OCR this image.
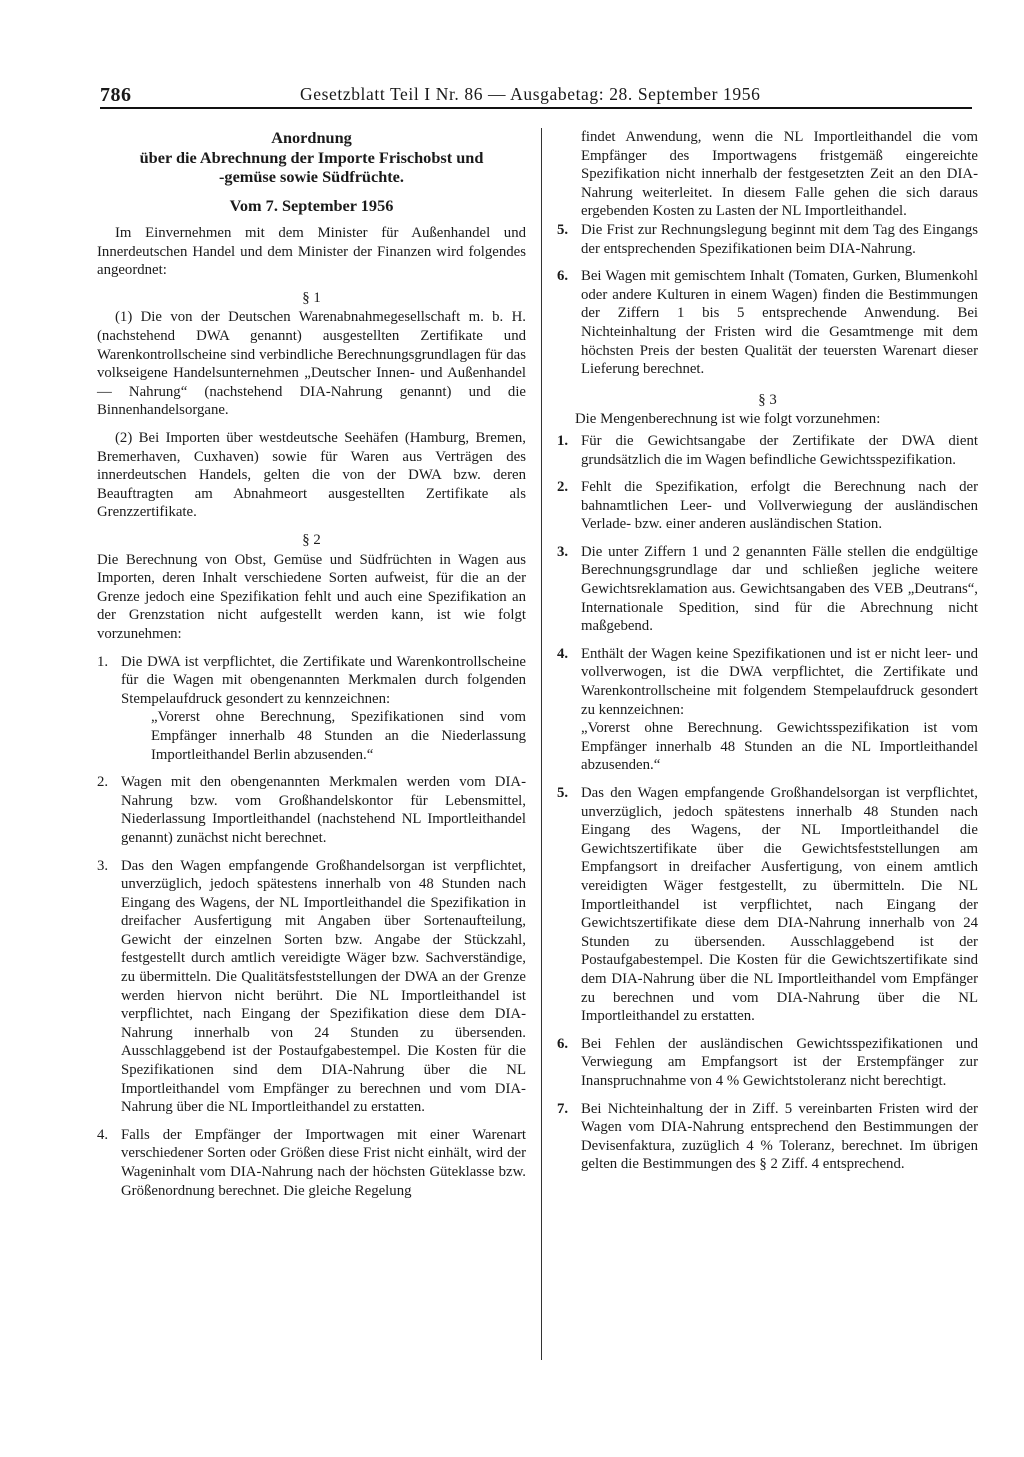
786	Gesetzblatt Teil I Nr. 86 — Ausgabetag: 28. September 1956

Anordnung

über die Abrechnung der Importe Frischobst und

-gemüse sowie Südfrüchte.

Vom 7. September 1956

Im Einvernehmen mit dem Minister für Außenhandel und Innerdeutschen Handel und dem Minister der Finanzen wird folgendes angeordnet:

§ 1

(1) Die von der Deutschen Warenabnahmegesellschaft m. b. H. (nachstehend DWA genannt) ausgestellten Zertifikate und Warenkontrollscheine sind verbindliche Berechnungsgrundlagen für das volkseigene Handelsunternehmen „Deutscher Innen- und Außenhandel — Nahrung“ (nachstehend DIA-Nahrung genannt) und die Binnenhandelsorgane.

(2) Bei Importen über westdeutsche Seehäfen (Hamburg, Bremen, Bremerhaven, Cuxhaven) sowie für Waren aus Verträgen des innerdeutschen Handels, gelten die von der DWA bzw. deren Beauftragten am Abnahmeort ausgestellten Zertifikate als Grenzzertifikate.

§ 2

Die Berechnung von Obst, Gemüse und Südfrüchten in Wagen aus Importen, deren Inhalt verschiedene Sorten aufweist, für die an der Grenze jedoch eine Spezifikation fehlt und auch eine Spezifikation an der Grenzstation nicht aufgestellt werden kann, ist wie folgt vorzunehmen:

1. Die DWA ist verpflichtet, die Zertifikate und Warenkontrollscheine für die Wagen mit obengenannten Merkmalen durch folgenden Stempelaufdruck gesondert zu kennzeichnen:

„Vorerst ohne Berechnung, Spezifikationen sind vom Empfänger innerhalb 48 Stunden an die Niederlassung Importleithandel Berlin abzusenden.“

2. Wagen mit den obengenannten Merkmalen werden vom DIA-Nahrung bzw. vom Großhandelskontor für Lebensmittel, Niederlassung Importleithandel (nachstehend NL Importleithandel genannt) zunächst nicht berechnet.

3. Das den Wagen empfangende Großhandelsorgan ist verpflichtet, unverzüglich, jedoch spätestens innerhalb von 48 Stunden nach Eingang des Wagens, der NL Importleithandel die Spezifikation in dreifacher Ausfertigung mit Angaben über Sortenaufteilung, Gewicht der einzelnen Sorten bzw. Angabe der Stückzahl, festgestellt durch amtlich vereidigte Wäger bzw. Sachverständige, zu übermitteln. Die Qualitätsfeststellungen der DWA an der Grenze werden hiervon nicht berührt. Die NL Importleithandel ist verpflichtet, nach Eingang der Spezifikation diese dem DIA-Nahrung innerhalb von 24 Stunden zu übersenden. Ausschlaggebend ist der Postaufgabestempel. Die Kosten für die Spezifikationen sind dem DIA-Nahrung über die NL Importleithandel vom Empfänger zu berechnen und vom DIA-Nahrung über die NL Importleithandel zu erstatten.

4. Falls der Empfänger der Importwagen mit einer Warenart verschiedener Sorten oder Größen diese Frist nicht einhält, wird der Wageninhalt vom DIA-Nahrung nach der höchsten Güteklasse bzw. Größenordnung berechnet. Die gleiche Regelung

findet Anwendung, wenn die NL Importleithandel die vom Empfänger des Importwagens fristgemäß eingereichte Spezifikation nicht innerhalb der festgesetzten Zeit an den DIA-Nahrung weiterleitet. In diesem Falle gehen die sich daraus ergebenden Kosten zu Lasten der NL Importleithandel.

5. Die Frist zur Rechnungslegung beginnt mit dem Tag des Eingangs der entsprechenden Spezifikationen beim DIA-Nahrung.

6. Bei Wagen mit gemischtem Inhalt (Tomaten, Gurken, Blumenkohl oder andere Kulturen in einem Wagen) finden die Bestimmungen der Ziffern 1 bis 5 entsprechende Anwendung. Bei Nichteinhaltung der Fristen wird die Gesamtmenge mit dem höchsten Preis der besten Qualität der teuersten Warenart dieser Lieferung berechnet.

§ 3

Die Mengenberechnung ist wie folgt vorzunehmen:

1. Für die Gewichtsangabe der Zertifikate der DWA dient grundsätzlich die im Wagen befindliche Gewichtsspezifikation.

2. Fehlt die Spezifikation, erfolgt die Berechnung nach der bahnamtlichen Leer- und Vollverwiegung der ausländischen Verlade- bzw. einer anderen ausländischen Station.

3. Die unter Ziffern 1 und 2 genannten Fälle stellen die endgültige Berechnungsgrundlage dar und schließen jegliche weitere Gewichtsreklamation aus. Gewichtsangaben des VEB „Deutrans“, Internationale Spedition, sind für die Abrechnung nicht maßgebend.

4. Enthält der Wagen keine Spezifikationen und ist er nicht leer- und vollverwogen, ist die DWA verpflichtet, die Zertifikate und Warenkontrollscheine mit folgendem Stempelaufdruck gesondert zu kennzeichnen:

„Vorerst ohne Berechnung. Gewichtsspezifikation ist vom Empfänger innerhalb 48 Stunden an die NL Importleithandel abzusenden.“

5. Das den Wagen empfangende Großhandelsorgan ist verpflichtet, unverzüglich, jedoch spätestens innerhalb 48 Stunden nach Eingang des Wagens, der NL Importleithandel die Gewichtszertifikate über die Gewichtsfeststellungen am Empfangsort in dreifacher Ausfertigung, von einem amtlich vereidigten Wäger festgestellt, zu übermitteln. Die NL Importleithandel ist verpflichtet, nach Eingang der Gewichtszertifikate diese dem DIA-Nahrung innerhalb von 24 Stunden zu übersenden. Ausschlaggebend ist der Postaufgabestempel. Die Kosten für die Gewichtszertifikate sind dem DIA-Nahrung über die NL Importleithandel vom Empfänger zu berechnen und vom DIA-Nahrung über die NL Importleithandel zu erstatten.

6. Bei Fehlen der ausländischen Gewichtsspezifikationen und Verwiegung am Empfangsort ist der Erstempfänger zur Inanspruchnahme von 4 % Gewichtstoleranz nicht berechtigt.

7. Bei Nichteinhaltung der in Ziff. 5 vereinbarten Fristen wird der Wagen vom DIA-Nahrung entsprechend den Bestimmungen der Devisenfaktura, zuzüglich 4 % Toleranz, berechnet. Im übrigen gelten die Bestimmungen des § 2 Ziff. 4 entsprechend.
